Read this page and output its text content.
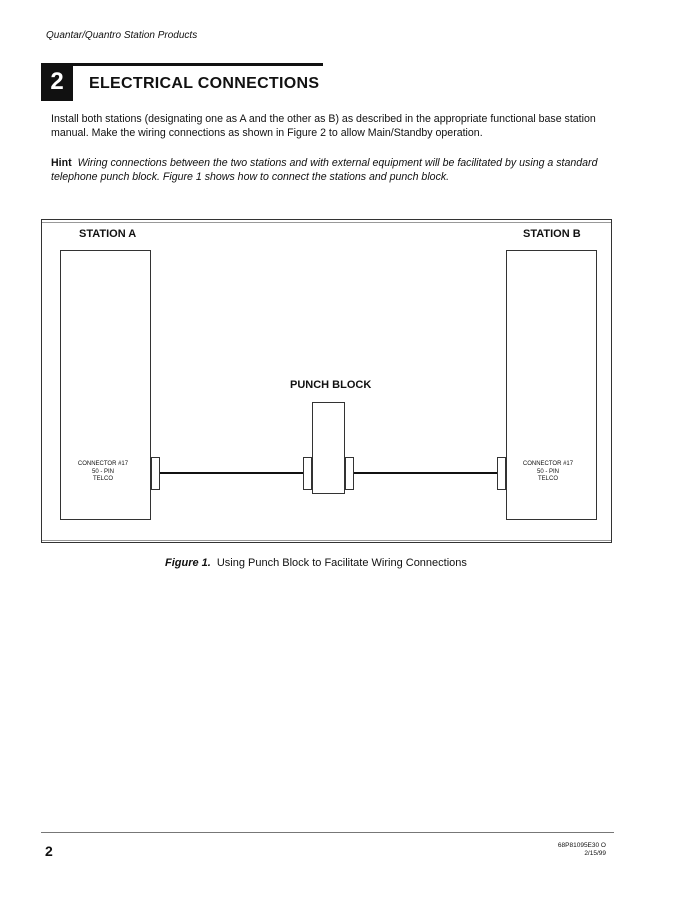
Quantar/Quantro Station Products
2	ELECTRICAL CONNECTIONS
Install both stations (designating one as A and the other as B) as described in the appropriate functional base station manual. Make the wiring connections as shown in Figure 2 to allow Main/Standby operation.
Hint Wiring connections between the two stations and with external equipment will be facilitated by using a standard telephone punch block. Figure 1 shows how to connect the stations and punch block.
STATION A	STATION B
CONNECTOR #17
50 - PIN
TELCO
CONNECTOR #17
50 - PIN
TELCO
PUNCH BLOCK
Figure 1. Using Punch Block to Facilitate Wiring Connections
2	68P81095E30 O
2/15/99
